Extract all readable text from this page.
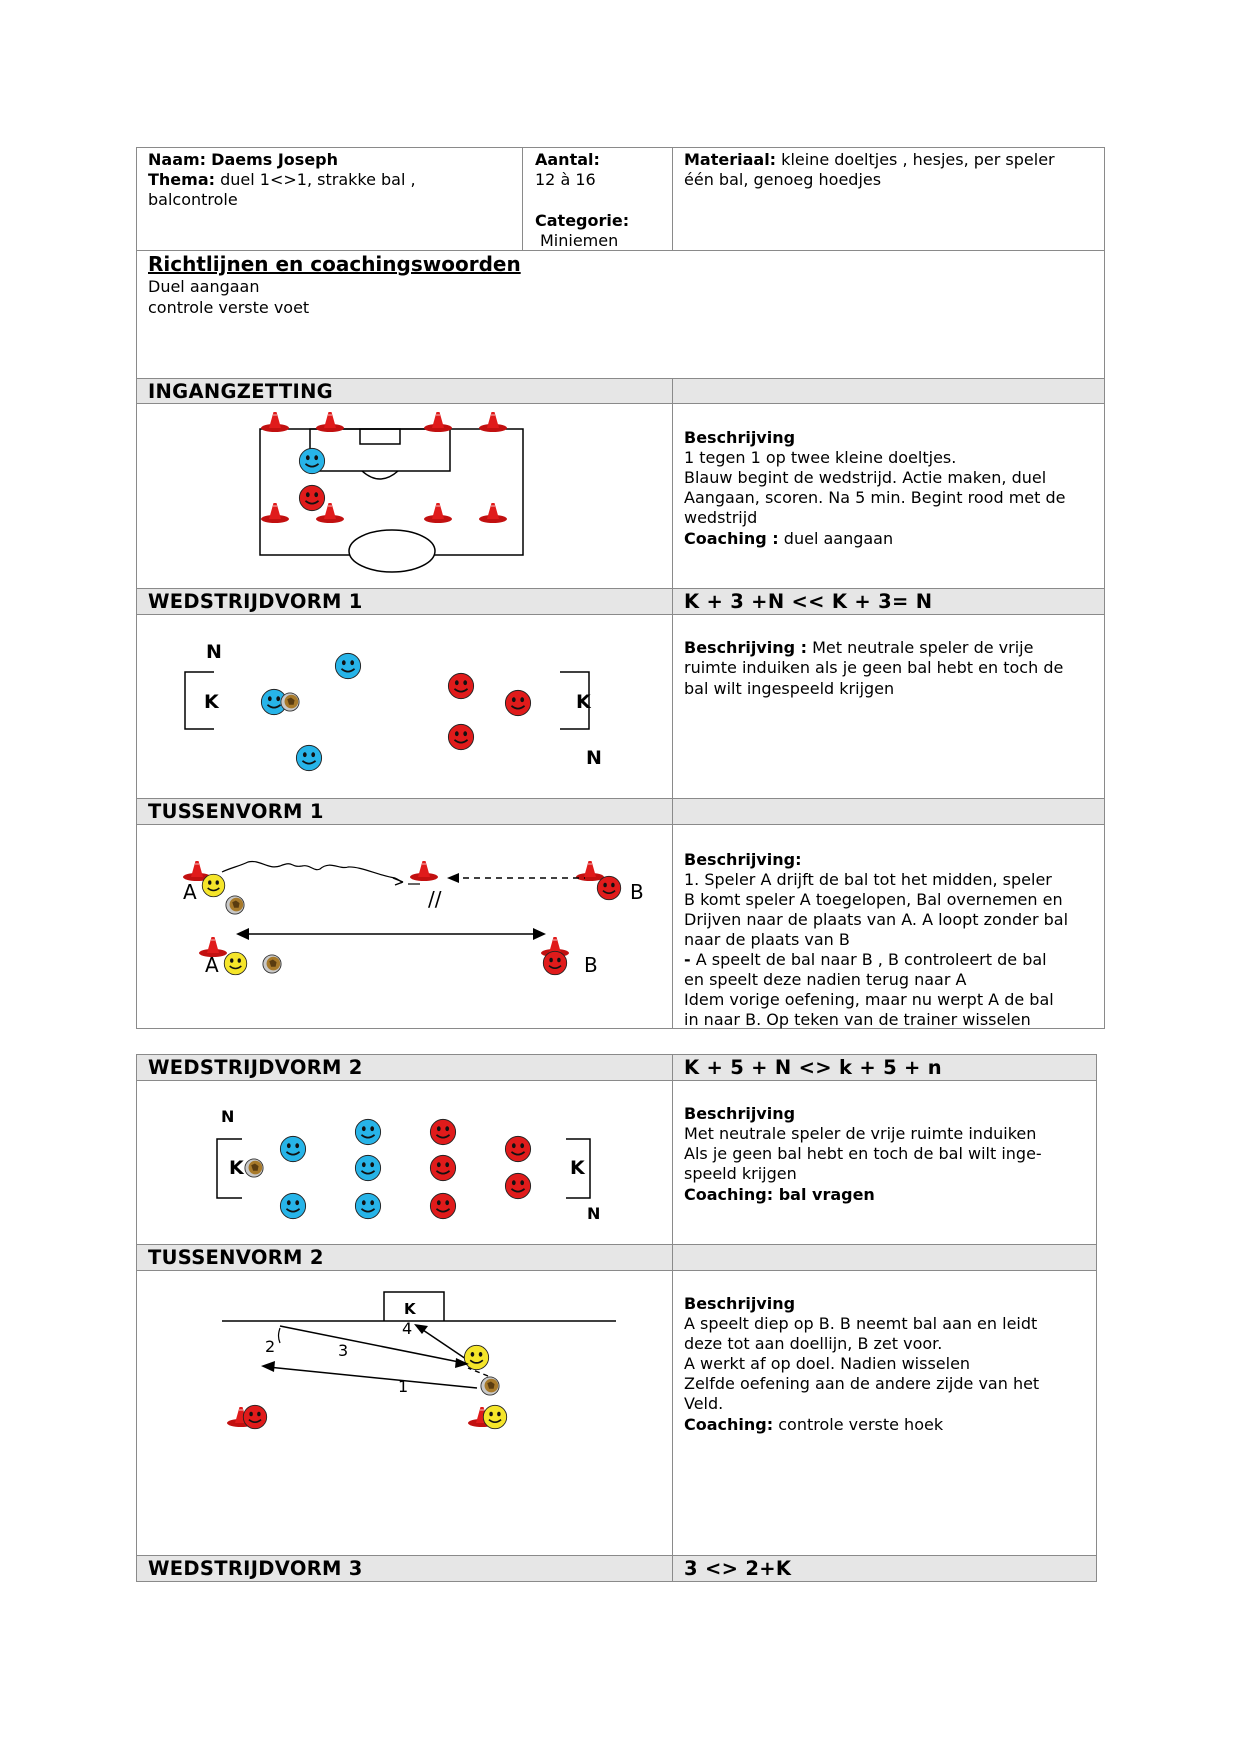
Naam: Daems Joseph
Thema: duel 1<>1, strakke bal ,
balcontrole
Aantal:
12 à 16
Categorie:
Miniemen
Materiaal: kleine doeltjes , hesjes, per speler
één bal, genoeg hoedjes
Richtlijnen en coachingswoorden
Duel aangaan
controle verste voet
INGANGZETTING
Beschrijving
1 tegen 1 op twee kleine doeltjes.
Blauw begint de wedstrijd. Actie maken, duel
Aangaan, scoren. Na 5 min. Begint rood met de
wedstrijd
Coaching : duel aangaan
WEDSTRIJDVORM 1	K + 3 +N << K + 3= N
N
K	K
N
Beschrijving : Met neutrale speler de vrije
ruimte induiken als je geen bal hebt en toch de
bal wilt ingespeeld krijgen
TUSSENVORM 1
A	//	B
A	B
Beschrijving:
1. Speler A drijft de bal tot het midden, speler
B komt speler A toegelopen, Bal overnemen en
Drijven naar de plaats van A. A loopt zonder bal
naar de plaats van B
- A speelt de bal naar B , B controleert de bal
en speelt deze nadien terug naar A
Idem vorige oefening, maar nu werpt A de bal
in naar B. Op teken van de trainer wisselen
WEDSTRIJDVORM 2	K + 5 + N <> k + 5 + n
N
K	K
N
Beschrijving
Met neutrale speler de vrije ruimte induiken
Als je geen bal hebt en toch de bal wilt inge-
speeld krijgen
Coaching: bal vragen
TUSSENVORM 2
K
4
3
2
1
Beschrijving
A speelt diep op B. B neemt bal aan en leidt
deze tot aan doellijn, B zet voor.
A werkt af op doel. Nadien wisselen
Zelfde oefening aan de andere zijde van het
Veld.
Coaching: controle verste hoek
WEDSTRIJDVORM 3	3 <> 2+K
